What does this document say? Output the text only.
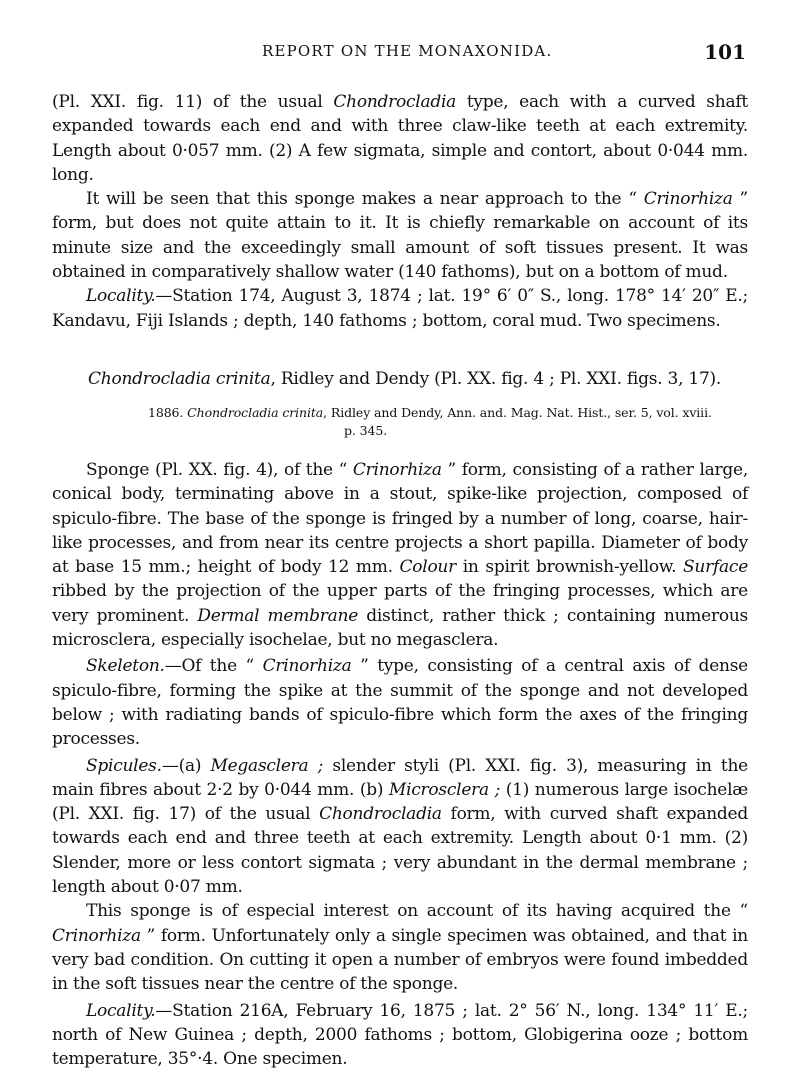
REPORT ON THE MONAXONIDA.	101

(Pl. XXI. fig. 11) of the usual Chondrocladia type, each with a curved shaft expanded towards each end and with three claw-like teeth at each extremity. Length about 0·057 mm. (2) A few sigmata, simple and contort, about 0·044 mm. long.

It will be seen that this sponge makes a near approach to the “ Crinorhiza ” form, but does not quite attain to it. It is chiefly remarkable on account of its minute size and the exceedingly small amount of soft tissues present. It was obtained in comparatively shallow water (140 fathoms), but on a bottom of mud.

Locality.—Station 174, August 3, 1874 ; lat. 19° 6′ 0″ S., long. 178° 14′ 20″ E.; Kandavu, Fiji Islands ; depth, 140 fathoms ; bottom, coral mud. Two specimens.

Chondrocladia crinita, Ridley and Dendy (Pl. XX. fig. 4 ; Pl. XXI. figs. 3, 17).
1886. Chondrocladia crinita, Ridley and Dendy, Ann. and. Mag. Nat. Hist., ser. 5, vol. xviii.
p. 345.

Sponge (Pl. XX. fig. 4), of the “ Crinorhiza ” form, consisting of a rather large, conical body, terminating above in a stout, spike-like projection, composed of spiculo-fibre. The base of the sponge is fringed by a number of long, coarse, hair-like processes, and from near its centre projects a short papilla. Diameter of body at base 15 mm.; height of body 12 mm. Colour in spirit brownish-yellow. Surface ribbed by the projection of the upper parts of the fringing processes, which are very prominent. Dermal membrane distinct, rather thick ; containing numerous microsclera, especially isochelae, but no megasclera.

Skeleton.—Of the “ Crinorhiza ” type, consisting of a central axis of dense spiculo-fibre, forming the spike at the summit of the sponge and not developed below ; with radiating bands of spiculo-fibre which form the axes of the fringing processes.

Spicules.—(a) Megasclera ; slender styli (Pl. XXI. fig. 3), measuring in the main fibres about 2·2 by 0·044 mm. (b) Microsclera ; (1) numerous large isochelæ (Pl. XXI. fig. 17) of the usual Chondrocladia form, with curved shaft expanded towards each end and three teeth at each extremity. Length about 0·1 mm. (2) Slender, more or less contort sigmata ; very abundant in the dermal membrane ; length about 0·07 mm.

This sponge is of especial interest on account of its having acquired the “ Crinorhiza ” form. Unfortunately only a single specimen was obtained, and that in very bad condition. On cutting it open a number of embryos were found imbedded in the soft tissues near the centre of the sponge.

Locality.—Station 216A, February 16, 1875 ; lat. 2° 56′ N., long. 134° 11′ E.; north of New Guinea ; depth, 2000 fathoms ; bottom, Globigerina ooze ; bottom temperature, 35°·4. One specimen.
